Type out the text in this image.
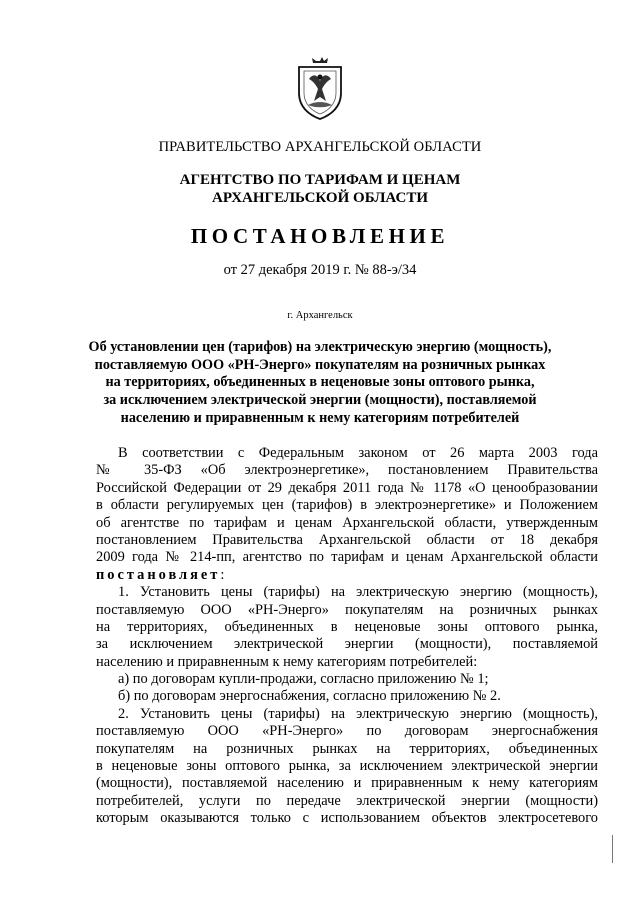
ПРАВИТЕЛЬСТВО АРХАНГЕЛЬСКОЙ ОБЛАСТИ
АГЕНТСТВО ПО ТАРИФАМ И ЦЕНАМ
АРХАНГЕЛЬСКОЙ ОБЛАСТИ
ПОСТАНОВЛЕНИЕ
от 27 декабря 2019 г. № 88-э/34
г. Архангельск
Об установлении цен (тарифов) на электрическую энергию (мощность),
поставляемую ООО «РН-Энерго» покупателям на розничных рынках
на территориях, объединенных в неценовые зоны оптового рынка,
за исключением электрической энергии (мощности), поставляемой
населению и приравненным к нему категориям потребителей
В соответствии с Федеральным законом от 26 марта 2003 года
№ 35-ФЗ «Об электроэнергетике», постановлением Правительства
Российской Федерации от 29 декабря 2011 года № 1178 «О ценообразовании
в области регулируемых цен (тарифов) в электроэнергетике» и Положением
об агентстве по тарифам и ценам Архангельской области, утвержденным
постановлением Правительства Архангельской области от 18 декабря
2009 года № 214-пп, агентство по тарифам и ценам Архангельской области
постановляет:
1. Установить цены (тарифы) на электрическую энергию (мощность),
поставляемую ООО «РН-Энерго» покупателям на розничных рынках
на территориях, объединенных в неценовые зоны оптового рынка,
за исключением электрической энергии (мощности), поставляемой
населению и приравненным к нему категориям потребителей:
а) по договорам купли-продажи, согласно приложению № 1;
б) по договорам энергоснабжения, согласно приложению № 2.
2. Установить цены (тарифы) на электрическую энергию (мощность),
поставляемую ООО «РН-Энерго» по договорам энергоснабжения
покупателям на розничных рынках на территориях, объединенных
в неценовые зоны оптового рынка, за исключением электрической энергии
(мощности), поставляемой населению и приравненным к нему категориям
потребителей, услуги по передаче электрической энергии (мощности)
которым оказываются только с использованием объектов электросетевого
